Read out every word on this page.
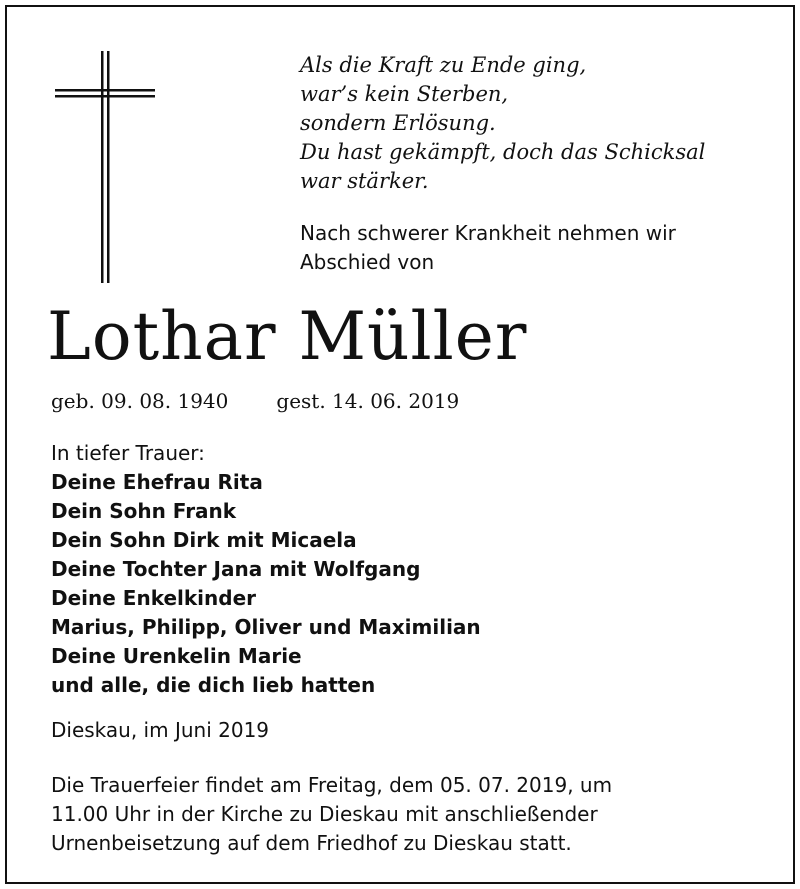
Als die Kraft zu Ende ging,
war’s kein Sterben,
sondern Erlösung.
Du hast gekämpft, doch das Schicksal
war stärker.

Nach schwerer Krankheit nehmen wir
Abschied von

Lothar Müller
geb. 09. 08. 1940 gest. 14. 06. 2019
In tiefer Trauer:
Deine Ehefrau Rita
Dein Sohn Frank
Dein Sohn Dirk mit Micaela
Deine Tochter Jana mit Wolfgang
Deine Enkelkinder
Marius, Philipp, Oliver und Maximilian
Deine Urenkelin Marie
und alle, die dich lieb hatten
Dieskau, im Juni 2019

Die Trauerfeier findet am Freitag, dem 05. 07. 2019, um
11.00 Uhr in der Kirche zu Dieskau mit anschließender
Urnenbeisetzung auf dem Friedhof zu Dieskau statt.
